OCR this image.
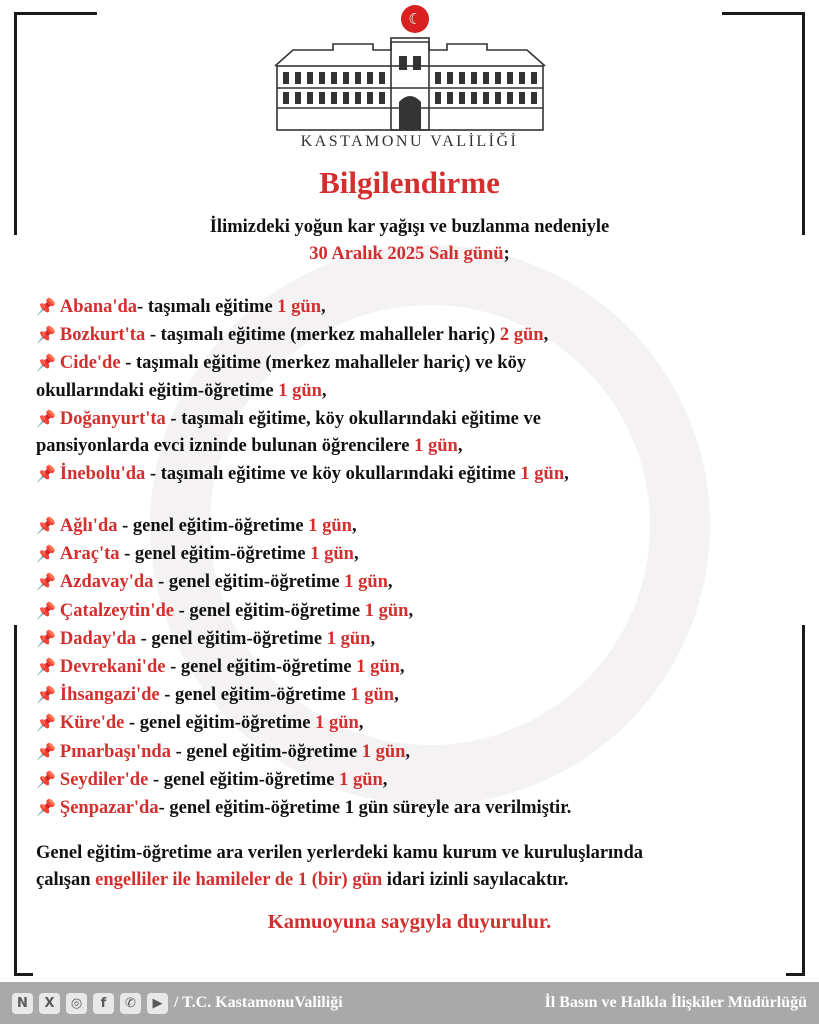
☾
KASTAMONU VALİLİĞİ
Bilgilendirme
İlimizdeki yoğun kar yağışı ve buzlanma nedeniyle
30 Aralık 2025 Salı günü;
📌 Abana'da- taşımalı eğitime 1 gün,
📌 Bozkurt'ta - taşımalı eğitime (merkez mahalleler hariç) 2 gün,
📌 Cide'de - taşımalı eğitime (merkez mahalleler hariç) ve köy
okullarındaki eğitim-öğretime 1 gün,
📌 Doğanyurt'ta - taşımalı eğitime, köy okullarındaki eğitime ve
pansiyonlarda evci izninde bulunan öğrencilere 1 gün,
📌 İnebolu'da - taşımalı eğitime ve köy okullarındaki eğitime 1 gün,
📌 Ağlı'da - genel eğitim-öğretime 1 gün,
📌 Araç'ta - genel eğitim-öğretime 1 gün,
📌 Azdavay'da - genel eğitim-öğretime 1 gün,
📌 Çatalzeytin'de - genel eğitim-öğretime 1 gün,
📌 Daday'da - genel eğitim-öğretime 1 gün,
📌 Devrekani'de - genel eğitim-öğretime 1 gün,
📌 İhsangazi'de - genel eğitim-öğretime 1 gün,
📌 Küre'de - genel eğitim-öğretime 1 gün,
📌 Pınarbaşı'nda - genel eğitim-öğretime 1 gün,
📌 Seydiler'de - genel eğitim-öğretime 1 gün,
📌 Şenpazar'da- genel eğitim-öğretime 1 gün süreyle ara verilmiştir.
Genel eğitim-öğretime ara verilen yerlerdeki kamu kurum ve kuruluşlarında
çalışan engelliler ile hamileler de 1 (bir) gün idari izinli sayılacaktır.
Kamuoyuna saygıyla duyurulur.
N	X	◎	f	✆	▶ / T.C. KastamonuValiliği	İl Basın ve Halkla İlişkiler Müdürlüğü
